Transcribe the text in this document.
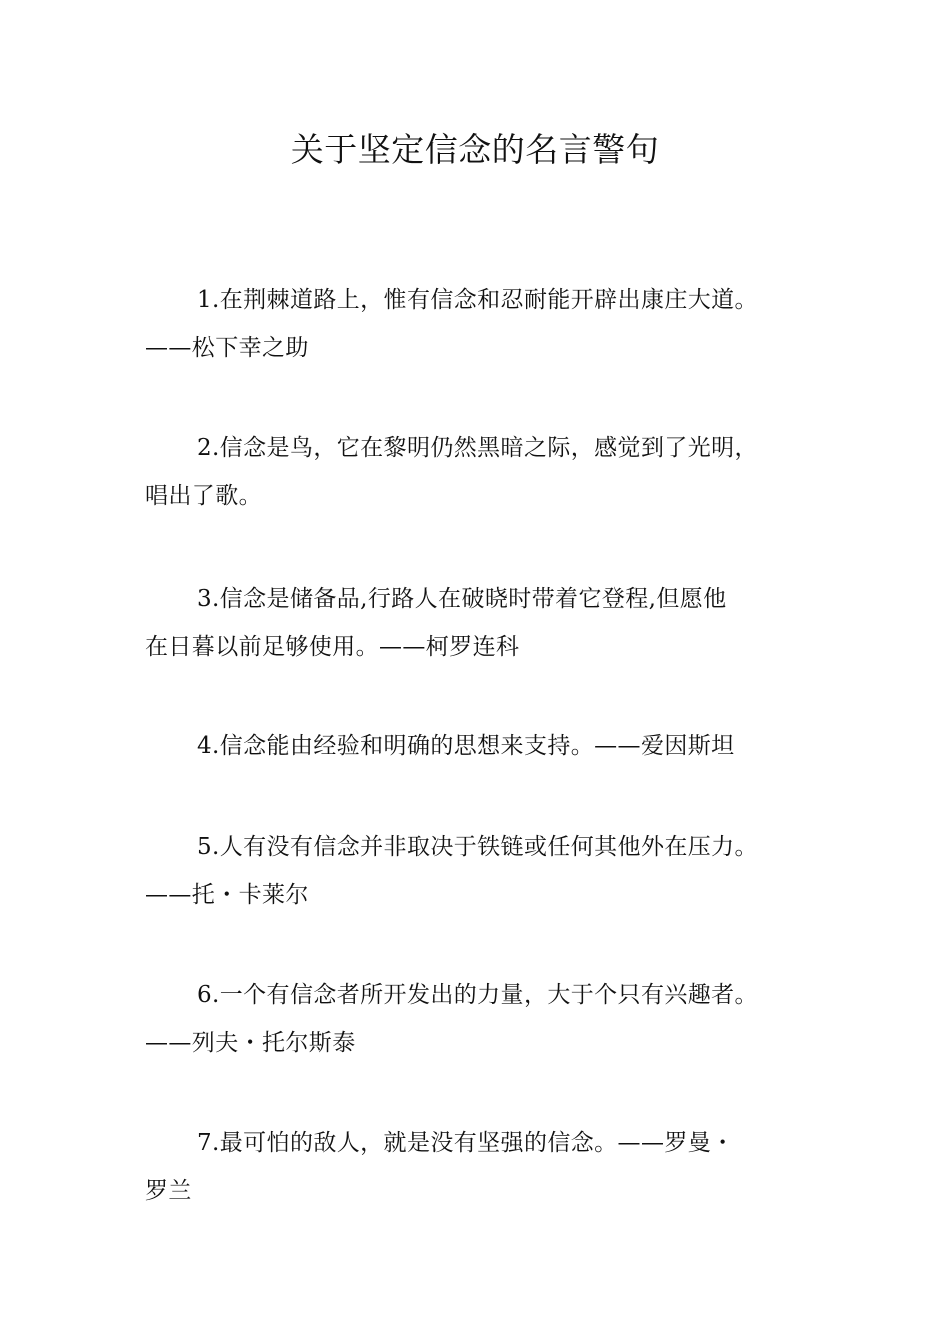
关于坚定信念的名言警句

1.在荆棘道路上，惟有信念和忍耐能开辟出康庄大道。
——松下幸之助

2.信念是鸟，它在黎明仍然黑暗之际，感觉到了光明，
唱出了歌。

3.信念是储备品,行路人在破晓时带着它登程,但愿他
在日暮以前足够使用。——柯罗连科

4.信念能由经验和明确的思想来支持。——爱因斯坦

5.人有没有信念并非取决于铁链或任何其他外在压力。
——托・卡莱尔

6.一个有信念者所开发出的力量，大于个只有兴趣者。
——列夫・托尔斯泰

7.最可怕的敌人，就是没有坚强的信念。——罗曼・
罗兰
